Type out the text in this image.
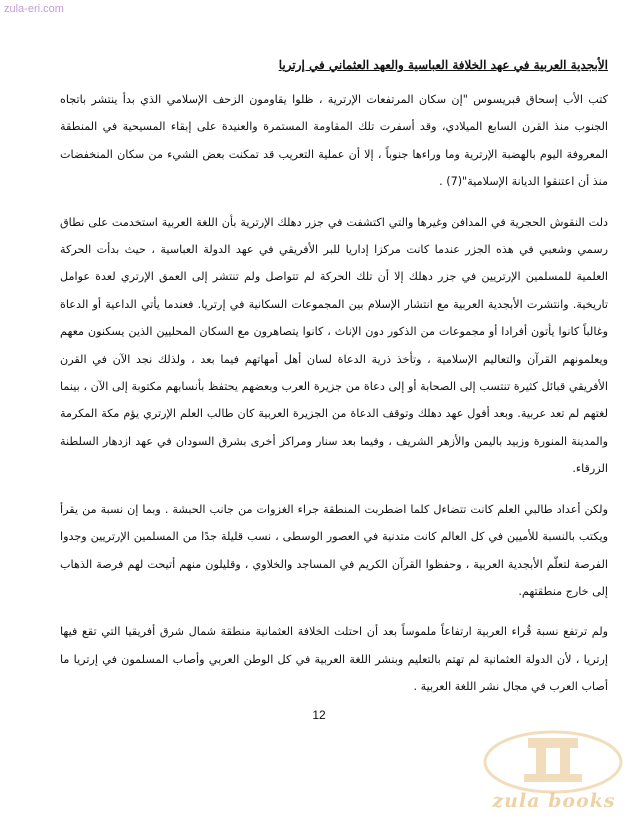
zula-eri.com
الأبجدية العربية في عهد الخلافة العباسية والعهد العثماني في إرتريا

كتب الأب إسحاق قبريسوس "إن سكان المرتفعات الإرترية ، ظلوا يقاومون الزحف الإسلامي الذي بدأ ينتشر باتجاه الجنوب منذ القرن السابع الميلادي، وقد أسفرت تلك المقاومة المستمرة والعنيدة على إبقاء المسيحية في المنطقة المعروفة اليوم بالهضبة الإرترية وما وراءها جنوباً ، إلا أن عملية التعريب قد تمكنت بعض الشيء من سكان المنخفضات منذ أن اعتنقوا الديانة الإسلامية"(7) .

دلت النقوش الحجرية في المدافن وغيرها والتي اكتشفت في جزر دهلك الإرترية بأن اللغة العربية استخدمت على نطاق رسمي وشعبي في هذه الجزر عندما كانت مركزا إداريا للبر الأفريقي في عهد الدولة العباسية ، حيث بدأت الحركة العلمية للمسلمين الإرتريين في جزر دهلك إلا أن تلك الحركة لم تتواصل ولم تنتشر إلى العمق الإرتري لعدة عوامل تاريخية. وانتشرت الأبجدية العربية مع انتشار الإسلام بين المجموعات السكانية في إرتريا. فعندما يأتي الداعية أو الدعاة وغالباً كانوا يأتون أفرادا أو مجموعات من الذكور دون الإناث ، كانوا يتصاهرون مع السكان المحليين الذين يسكنون معهم ويعلمونهم القرآن والتعاليم الإسلامية ، وتأخذ ذرية الدعاة لسان أهل أمهاتهم فيما بعد ، ولذلك نجد الآن في القرن الأفريقي قبائل كثيرة تنتسب إلى الصحابة أو إلى دعاة من جزيرة العرب وبعضهم يحتفظ بأنسابهم مكتوبة إلى الآن ، بينما لغتهم لم تعد عربية. وبعد أفول عهد دهلك وتوقف الدعاة من الجزيرة العربية كان طالب العلم الإرتري يؤم مكة المكرمة والمدينة المنورة وزبيد باليمن والأزهر الشريف ، وفيما بعد سنار ومراكز أخرى بشرق السودان في عهد ازدهار السلطنة الزرقاء.

ولكن أعداد طالبي العلم كانت تتضاءل كلما اضطربت المنطقة جراء الغزوات من جانب الحبشة . وبما إن نسبة من يقرأ ويكتب بالنسبة للأميين في كل العالم كانت متدنية في العصور الوسطى ، نسب قليلة جدًا من المسلمين الإرتريين وجدوا الفرصة لتعلّم الأبجدية العربية ، وحفظوا القرآن الكريم في المساجد والخلاوي ، وقليلون منهم أتيحت لهم فرصة الذهاب إلى خارج منطقتهم.

ولم ترتفع نسبة قُراء العربية ارتفاعاً ملموساً بعد أن احتلت الخلافة العثمانية منطقة شمال شرق أفريقيا التي تقع فيها إرتريا ، لأن الدولة العثمانية لم تهتم بالتعليم وبنشر اللغة العربية في كل الوطن العربي وأصاب المسلمون في إرتريا ما أصاب العرب في مجال نشر اللغة العربية .

12
zula books
